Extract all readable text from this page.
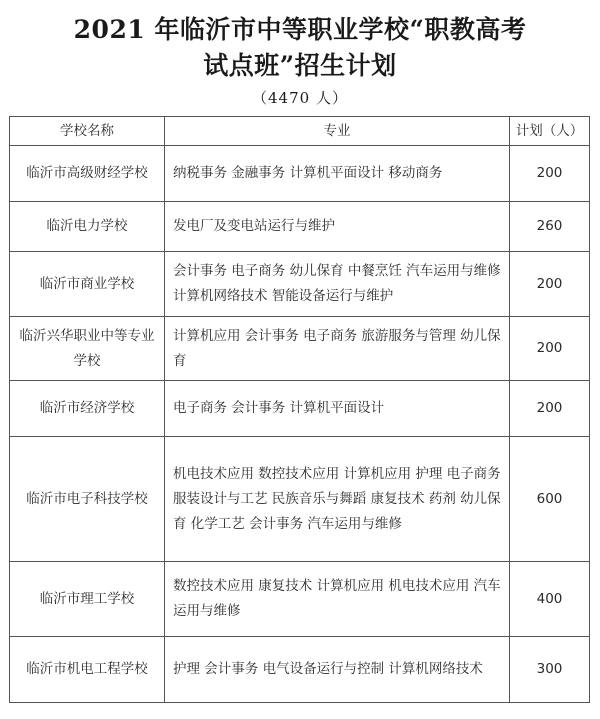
2021 年临沂市中等职业学校“职教高考
试点班”招生计划
（4470 人）
学校名称	专业	计划（人）
临沂市高级财经学校	纳税事务 金融事务 计算机平面设计 移动商务	200
临沂电力学校	发电厂及变电站运行与维护	260
临沂市商业学校	会计事务 电子商务 幼儿保育 中餐烹饪 汽车运用与维修 计算机网络技术 智能设备运行与维护	200
临沂兴华职业中等专业学校	计算机应用 会计事务 电子商务 旅游服务与管理 幼儿保育	200
临沂市经济学校	电子商务 会计事务 计算机平面设计	200
临沂市电子科技学校	机电技术应用 数控技术应用 计算机应用 护理 电子商务 服装设计与工艺 民族音乐与舞蹈 康复技术 药剂 幼儿保育 化学工艺 会计事务 汽车运用与维修	600
临沂市理工学校	数控技术应用 康复技术 计算机应用 机电技术应用 汽车运用与维修	400
临沂市机电工程学校	护理 会计事务 电气设备运行与控制 计算机网络技术	300
